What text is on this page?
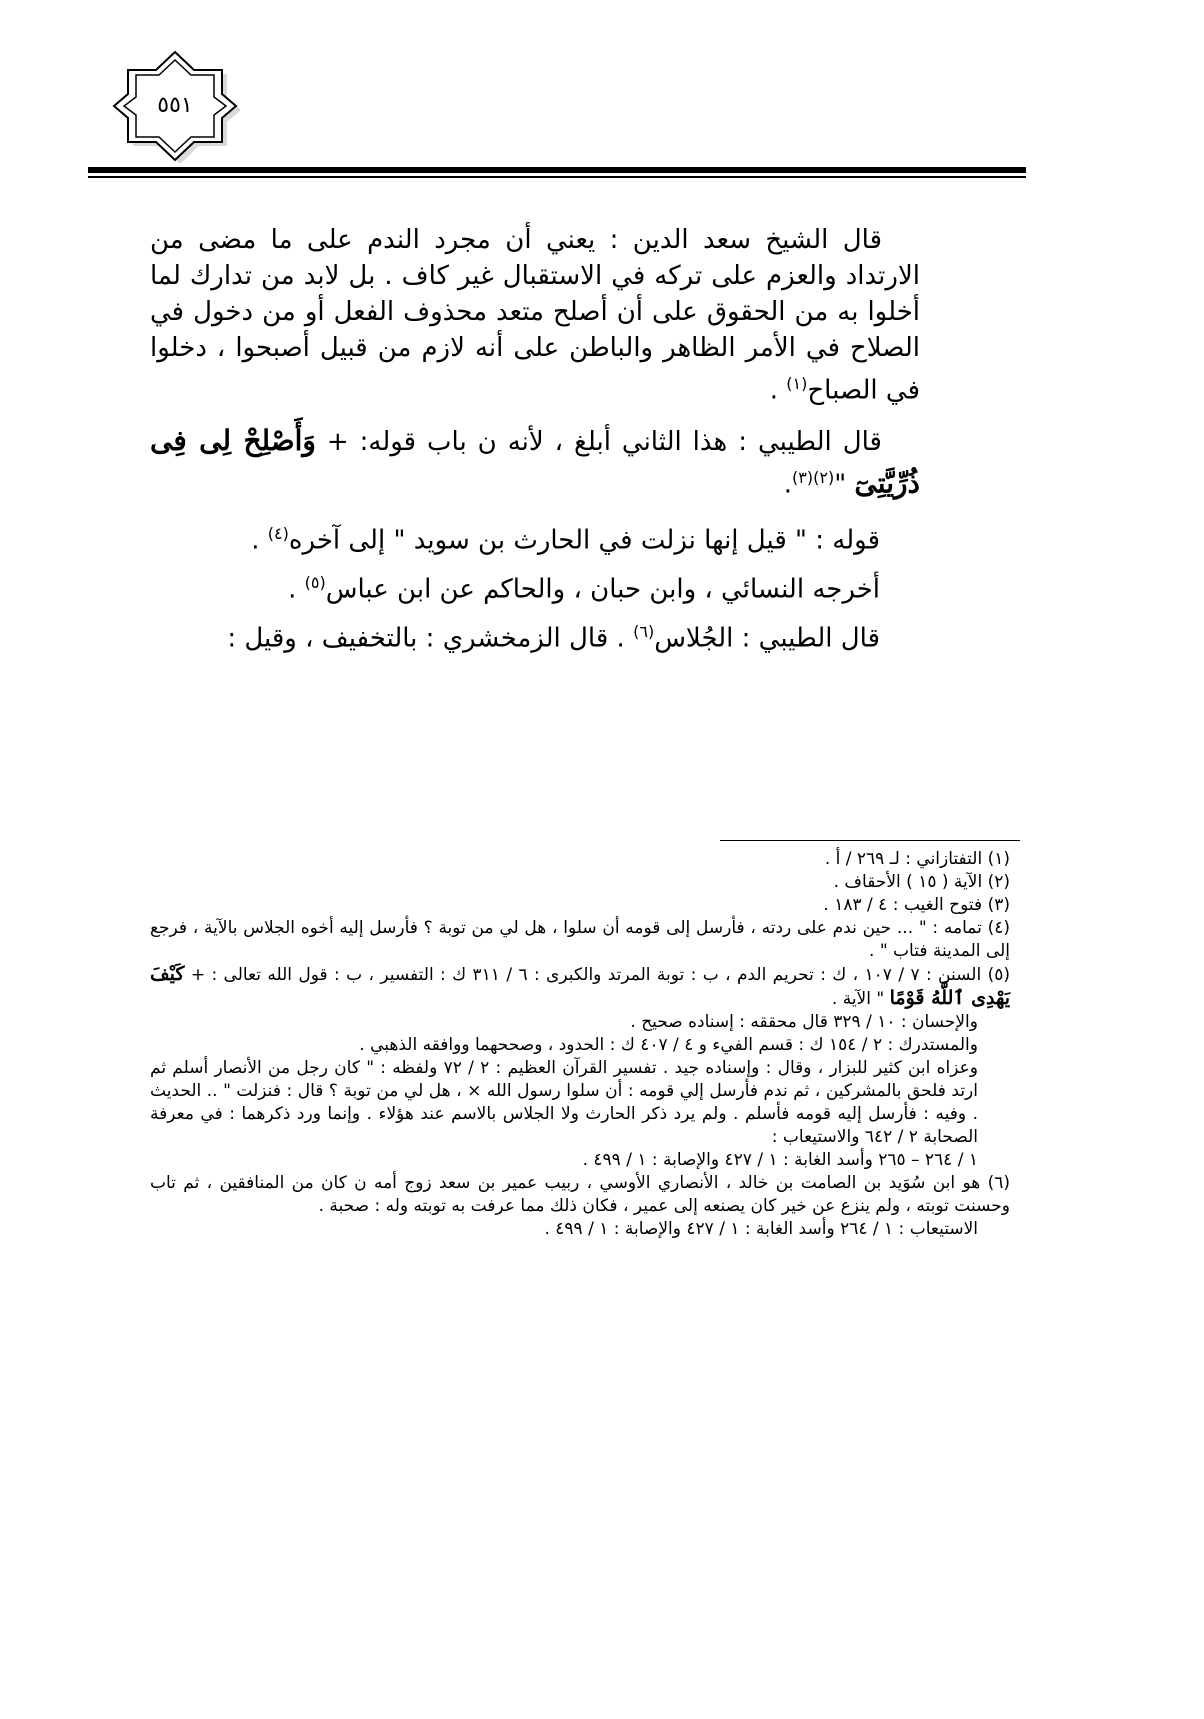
٥٥١

قال الشيخ سعد الدين : يعني أن مجرد الندم على ما مضى من الارتداد والعزم على تركه في الاستقبال غير كاف . بل لابد من تدارك لما أخلوا به من الحقوق على أن أصلح متعد محذوف الفعل أو من دخول في الصلاح في الأمر الظاهر والباطن على أنه لازم من قبيل أصبحوا ، دخلوا في الصباح$^{(١)}$ .

قال الطيبي : هذا الثاني أبلغ ، لأنه ن باب قوله: + وَأَصْلِحْ لِى فِى ذُرِّيَّتِىٓ "$^{(٢)(٣)}$.

قوله : " قيل إنها نزلت في الحارث بن سويد " إلى آخره$^{(٤)}$ .

أخرجه النسائي ، وابن حبان ، والحاكم عن ابن عباس$^{(٥)}$ .

قال الطيبي : الجُلاس$^{(٦)}$ . قال الزمخشري : بالتخفيف ، وقيل :

(١) التفتازاني : لـ ٢٦٩ / أ .

(٢) الآية ( ١٥ ) الأحقاف .

(٣) فتوح الغيب : ٤ / ١٨٣ .

(٤) تمامه : " ... حين ندم على ردته ، فأرسل إلى قومه أن سلوا ، هل لي من توبة ؟ فأرسل إليه أخوه الجلاس بالآية ، فرجع إلى المدينة فتاب " .

(٥) السنن : ٧ / ١٠٧ ، ك : تحريم الدم ، ب : توبة المرتد والكبرى : ٦ / ٣١١ ك : التفسير ، ب : قول الله تعالى : + كَيْفَ يَهْدِى ٱللَّهُ قَوْمًا " الآية .

والإحسان : ١٠ / ٣٢٩ قال محققه : إسناده صحيح .

والمستدرك : ٢ / ١٥٤ ك : قسم الفيء و ٤ / ٤٠٧ ك : الحدود ، وصححهما ووافقه الذهبي .

وعزاه ابن كثير للبزار ، وقال : وإسناده جيد . تفسير القرآن العظيم : ٢ / ٧٢ ولفظه : " كان رجل من الأنصار أسلم ثم ارتد فلحق بالمشركين ، ثم ندم فأرسل إلي قومه : أن سلوا رسول الله × ، هل لي من توبة ؟ قال : فنزلت " .. الحديث . وفيه : فأرسل إليه قومه فأسلم . ولم يرد ذكر الحارث ولا الجلاس بالاسم عند هؤلاء . وإنما ورد ذكرهما : في معرفة الصحابة ٢ / ٦٤٢ والاستيعاب :

١ / ٢٦٤ – ٢٦٥ وأسد الغابة : ١ / ٤٢٧ والإصابة : ١ / ٤٩٩ .

(٦) هو ابن سُوَيد بن الصامت بن خالد ، الأنصاري الأوسي ، ربيب عمير بن سعد زوج أمه ن كان من المنافقين ، ثم تاب وحسنت توبته ، ولم ينزع عن خير كان يصنعه إلى عمير ، فكان ذلك مما عرفت به توبته وله : صحبة .

الاستيعاب : ١ / ٢٦٤ وأسد الغابة : ١ / ٤٢٧ والإصابة : ١ / ٤٩٩ .
